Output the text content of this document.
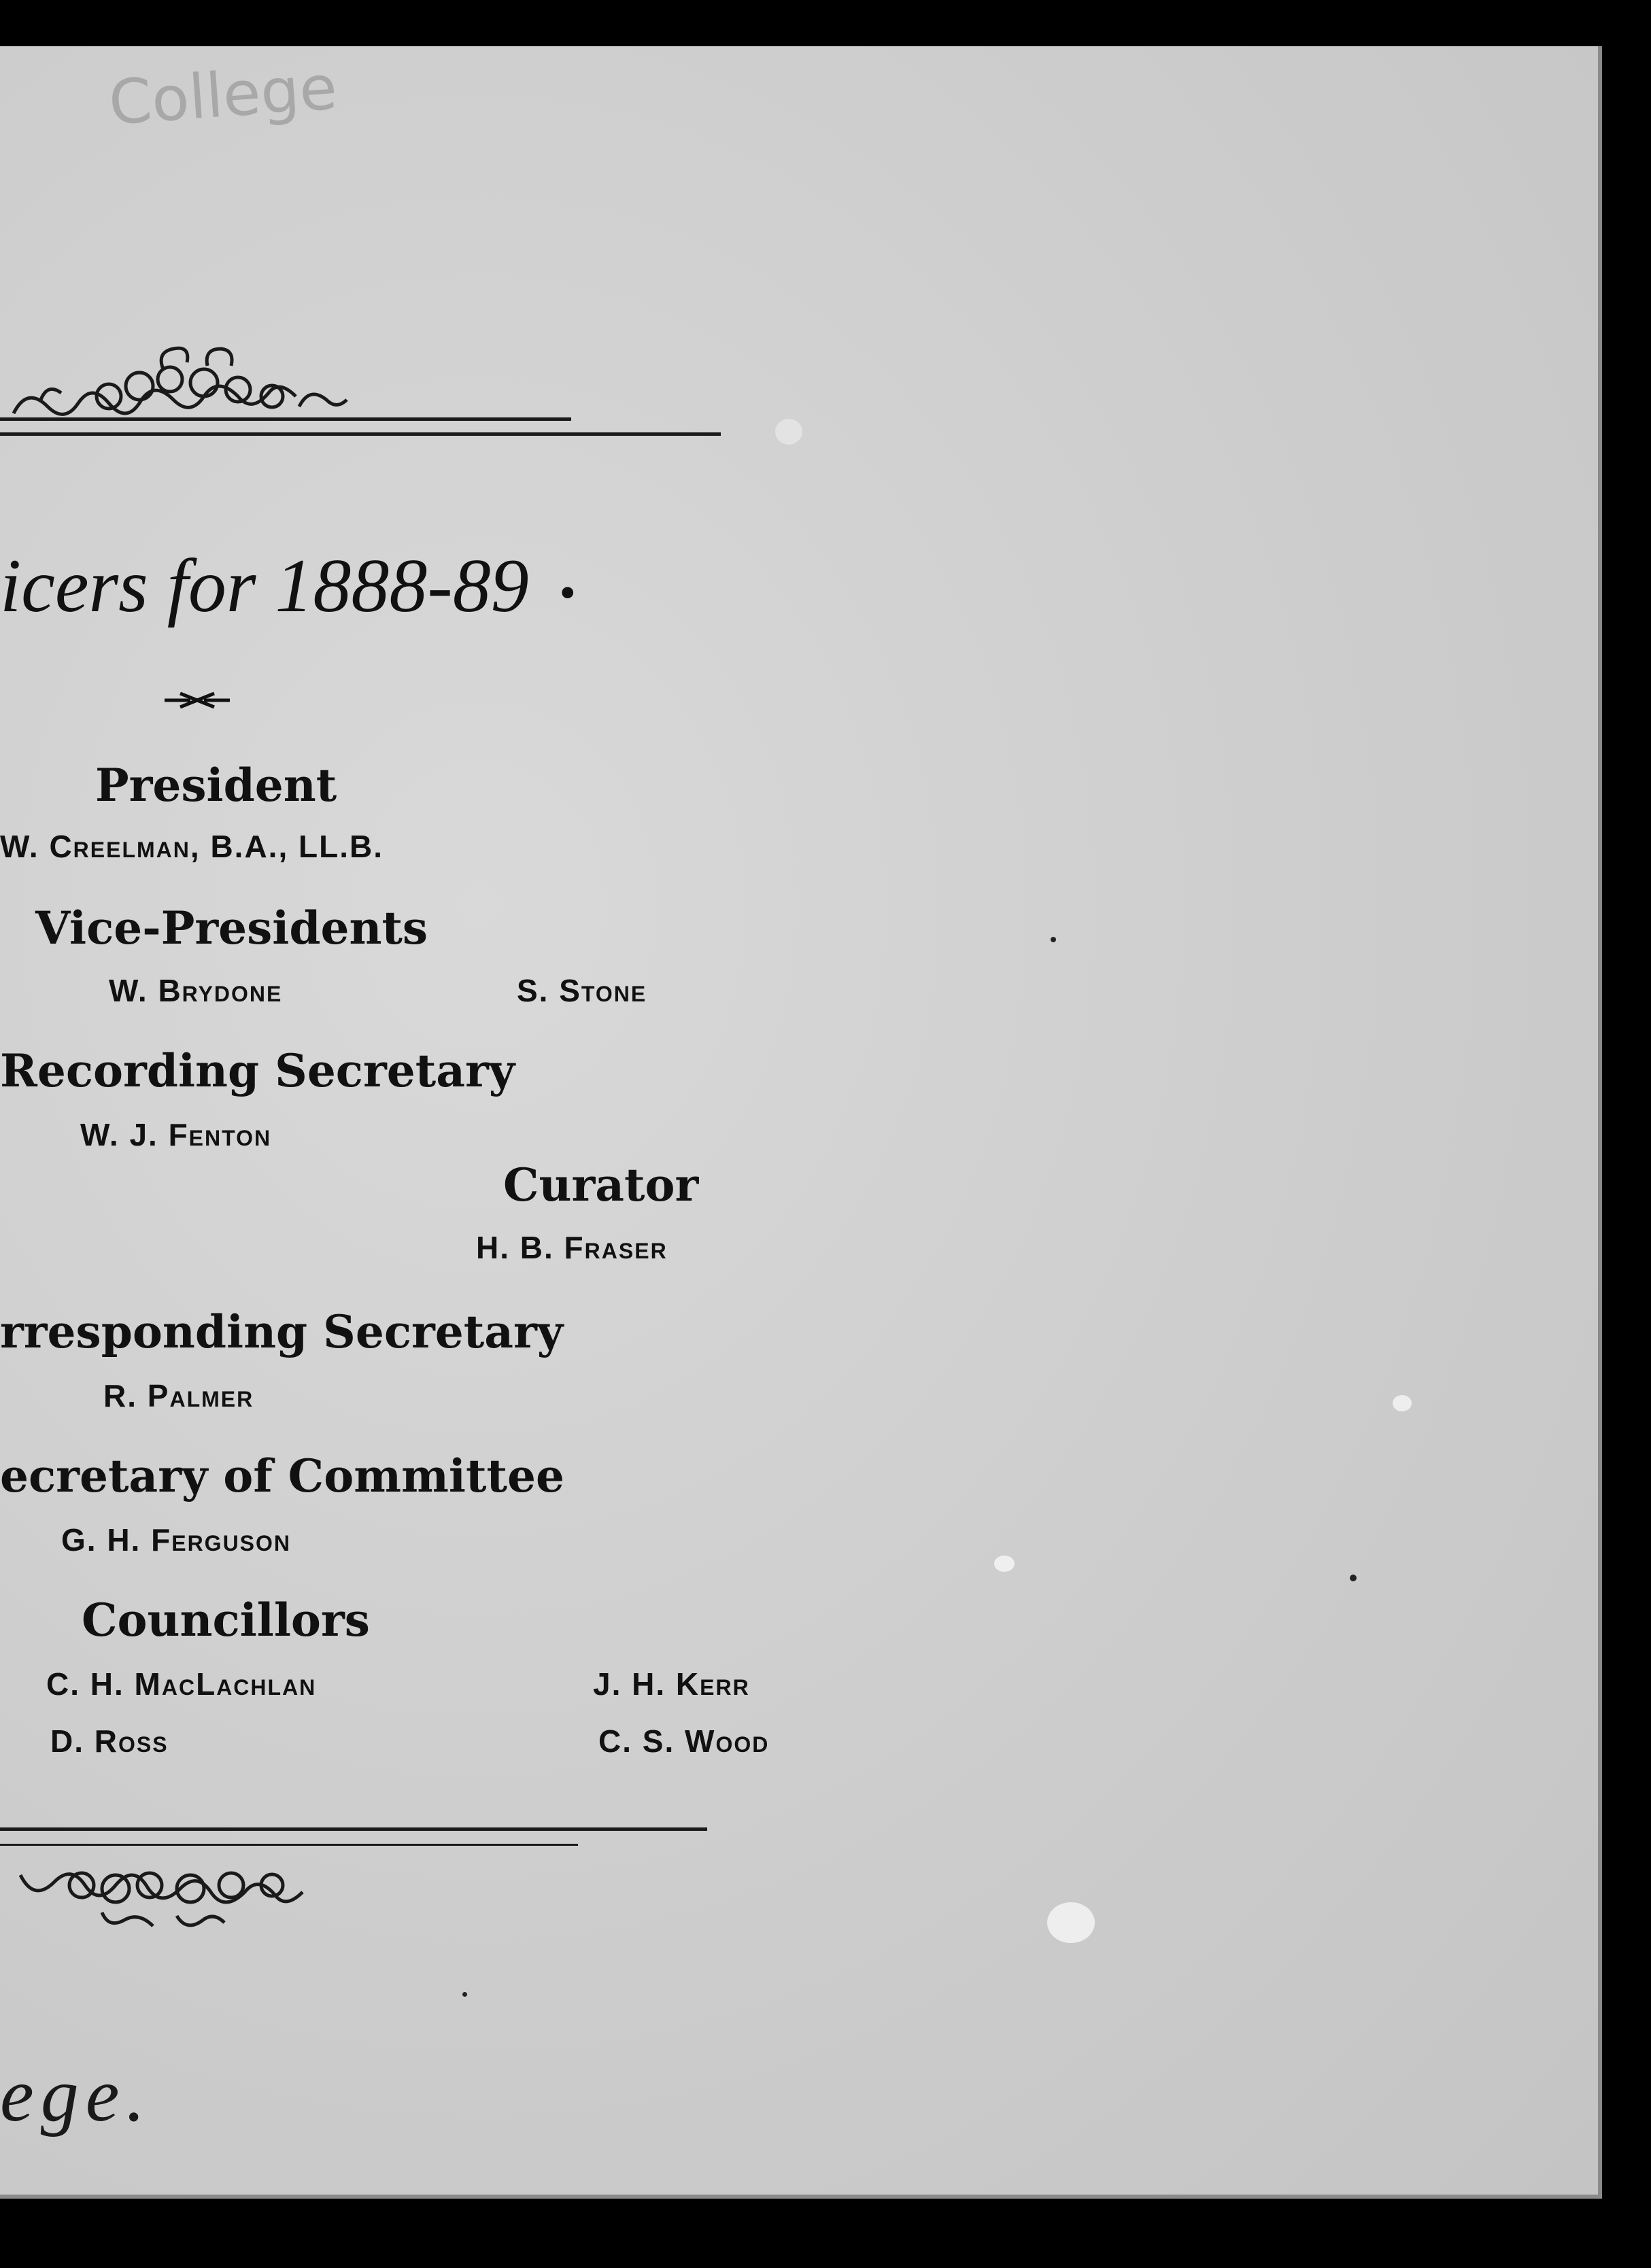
College
icers for 1888-89 •
President
W. Creelman, B.A., LL.B.
Vice-Presidents
W. Brydone	S. Stone
Recording Secretary
W. J. Fenton
Curator
H. B. Fraser
rresponding Secretary
R. Palmer
ecretary of Committee
G. H. Ferguson
Councillors
C. H. MacLachlan	J. H. Kerr
D. Ross	C. S. Wood
ege.
